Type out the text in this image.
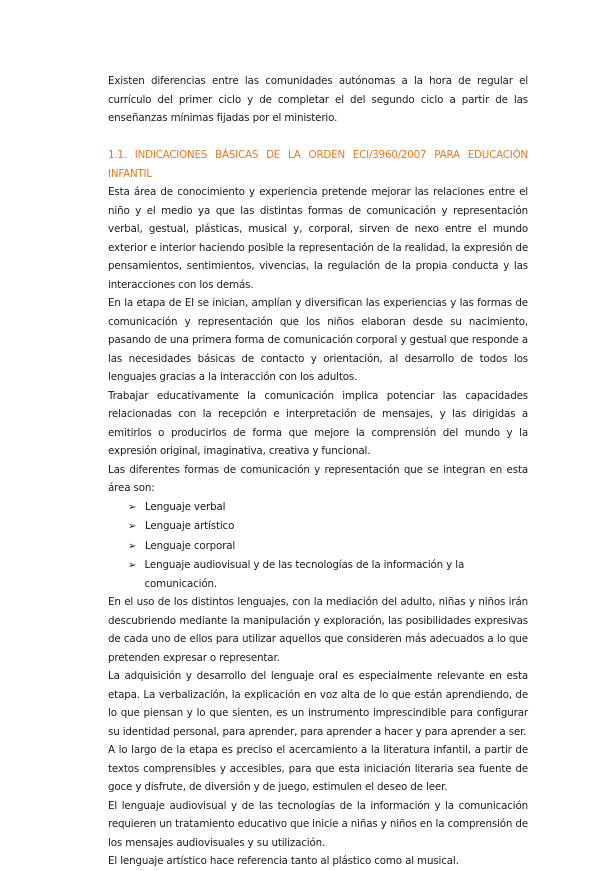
Existen diferencias entre las comunidades autónomas a la hora de regular el currículo del primer ciclo y de completar el del segundo ciclo a partir de las enseñanzas mínimas fijadas por el ministerio.

1.1. INDICACIONES BÁSICAS DE LA ORDEN ECI/3960/2007 PARA EDUCACIÓN INFANTIL

Esta área de conocimiento y experiencia pretende mejorar las relaciones entre el niño y el medio ya que las distintas formas de comunicación y representación verbal, gestual, plásticas, musical y, corporal, sirven de nexo entre el mundo exterior e interior haciendo posible la representación de la realidad, la expresión de pensamientos, sentimientos, vivencias, la regulación de la propia conducta y las interacciones con los demás.

En la etapa de EI se inician, amplían y diversifican las experiencias y las formas de comunicación y representación que los niños elaboran desde su nacimiento, pasando de una primera forma de comunicación corporal y gestual que responde a las necesidades básicas de contacto y orientación, al desarrollo de todos los lenguajes gracias a la interacción con los adultos.

Trabajar educativamente la comunicación implica potenciar las capacidades relacionadas con la recepción e interpretación de mensajes, y las dirigidas a emitirlos o producirlos de forma que mejore la comprensión del mundo y la expresión original, imaginativa, creativa y funcional.

Las diferentes formas de comunicación y representación que se integran en esta área son:

➢ Lenguaje verbal
➢ Lenguaje artístico
➢ Lenguaje corporal
➢ Lenguaje audiovisual y de las tecnologías de la información y la comunicación.

En el uso de los distintos lenguajes, con la mediación del adulto, niñas y niños irán descubriendo mediante la manipulación y exploración, las posibilidades expresivas de cada uno de ellos para utilizar aquellos que consideren más adecuados a lo que pretenden expresar o representar.

La adquisición y desarrollo del lenguaje oral es especialmente relevante en esta etapa. La verbalización, la explicación en voz alta de lo que están aprendiendo, de lo que piensan y lo que sienten, es un instrumento imprescindible para configurar su identidad personal, para aprender, para aprender a hacer y para aprender a ser.

A lo largo de la etapa es preciso el acercamiento a la literatura infantil, a partir de textos comprensibles y accesibles, para que esta iniciación literaria sea fuente de goce y disfrute, de diversión y de juego, estimulen el deseo de leer.

El lenguaje audiovisual y de las tecnologías de la información y la comunicación requieren un tratamiento educativo que inicie a niñas y niños en la comprensión de los mensajes audiovisuales y su utilización.

El lenguaje artístico hace referencia tanto al plástico como al musical.
